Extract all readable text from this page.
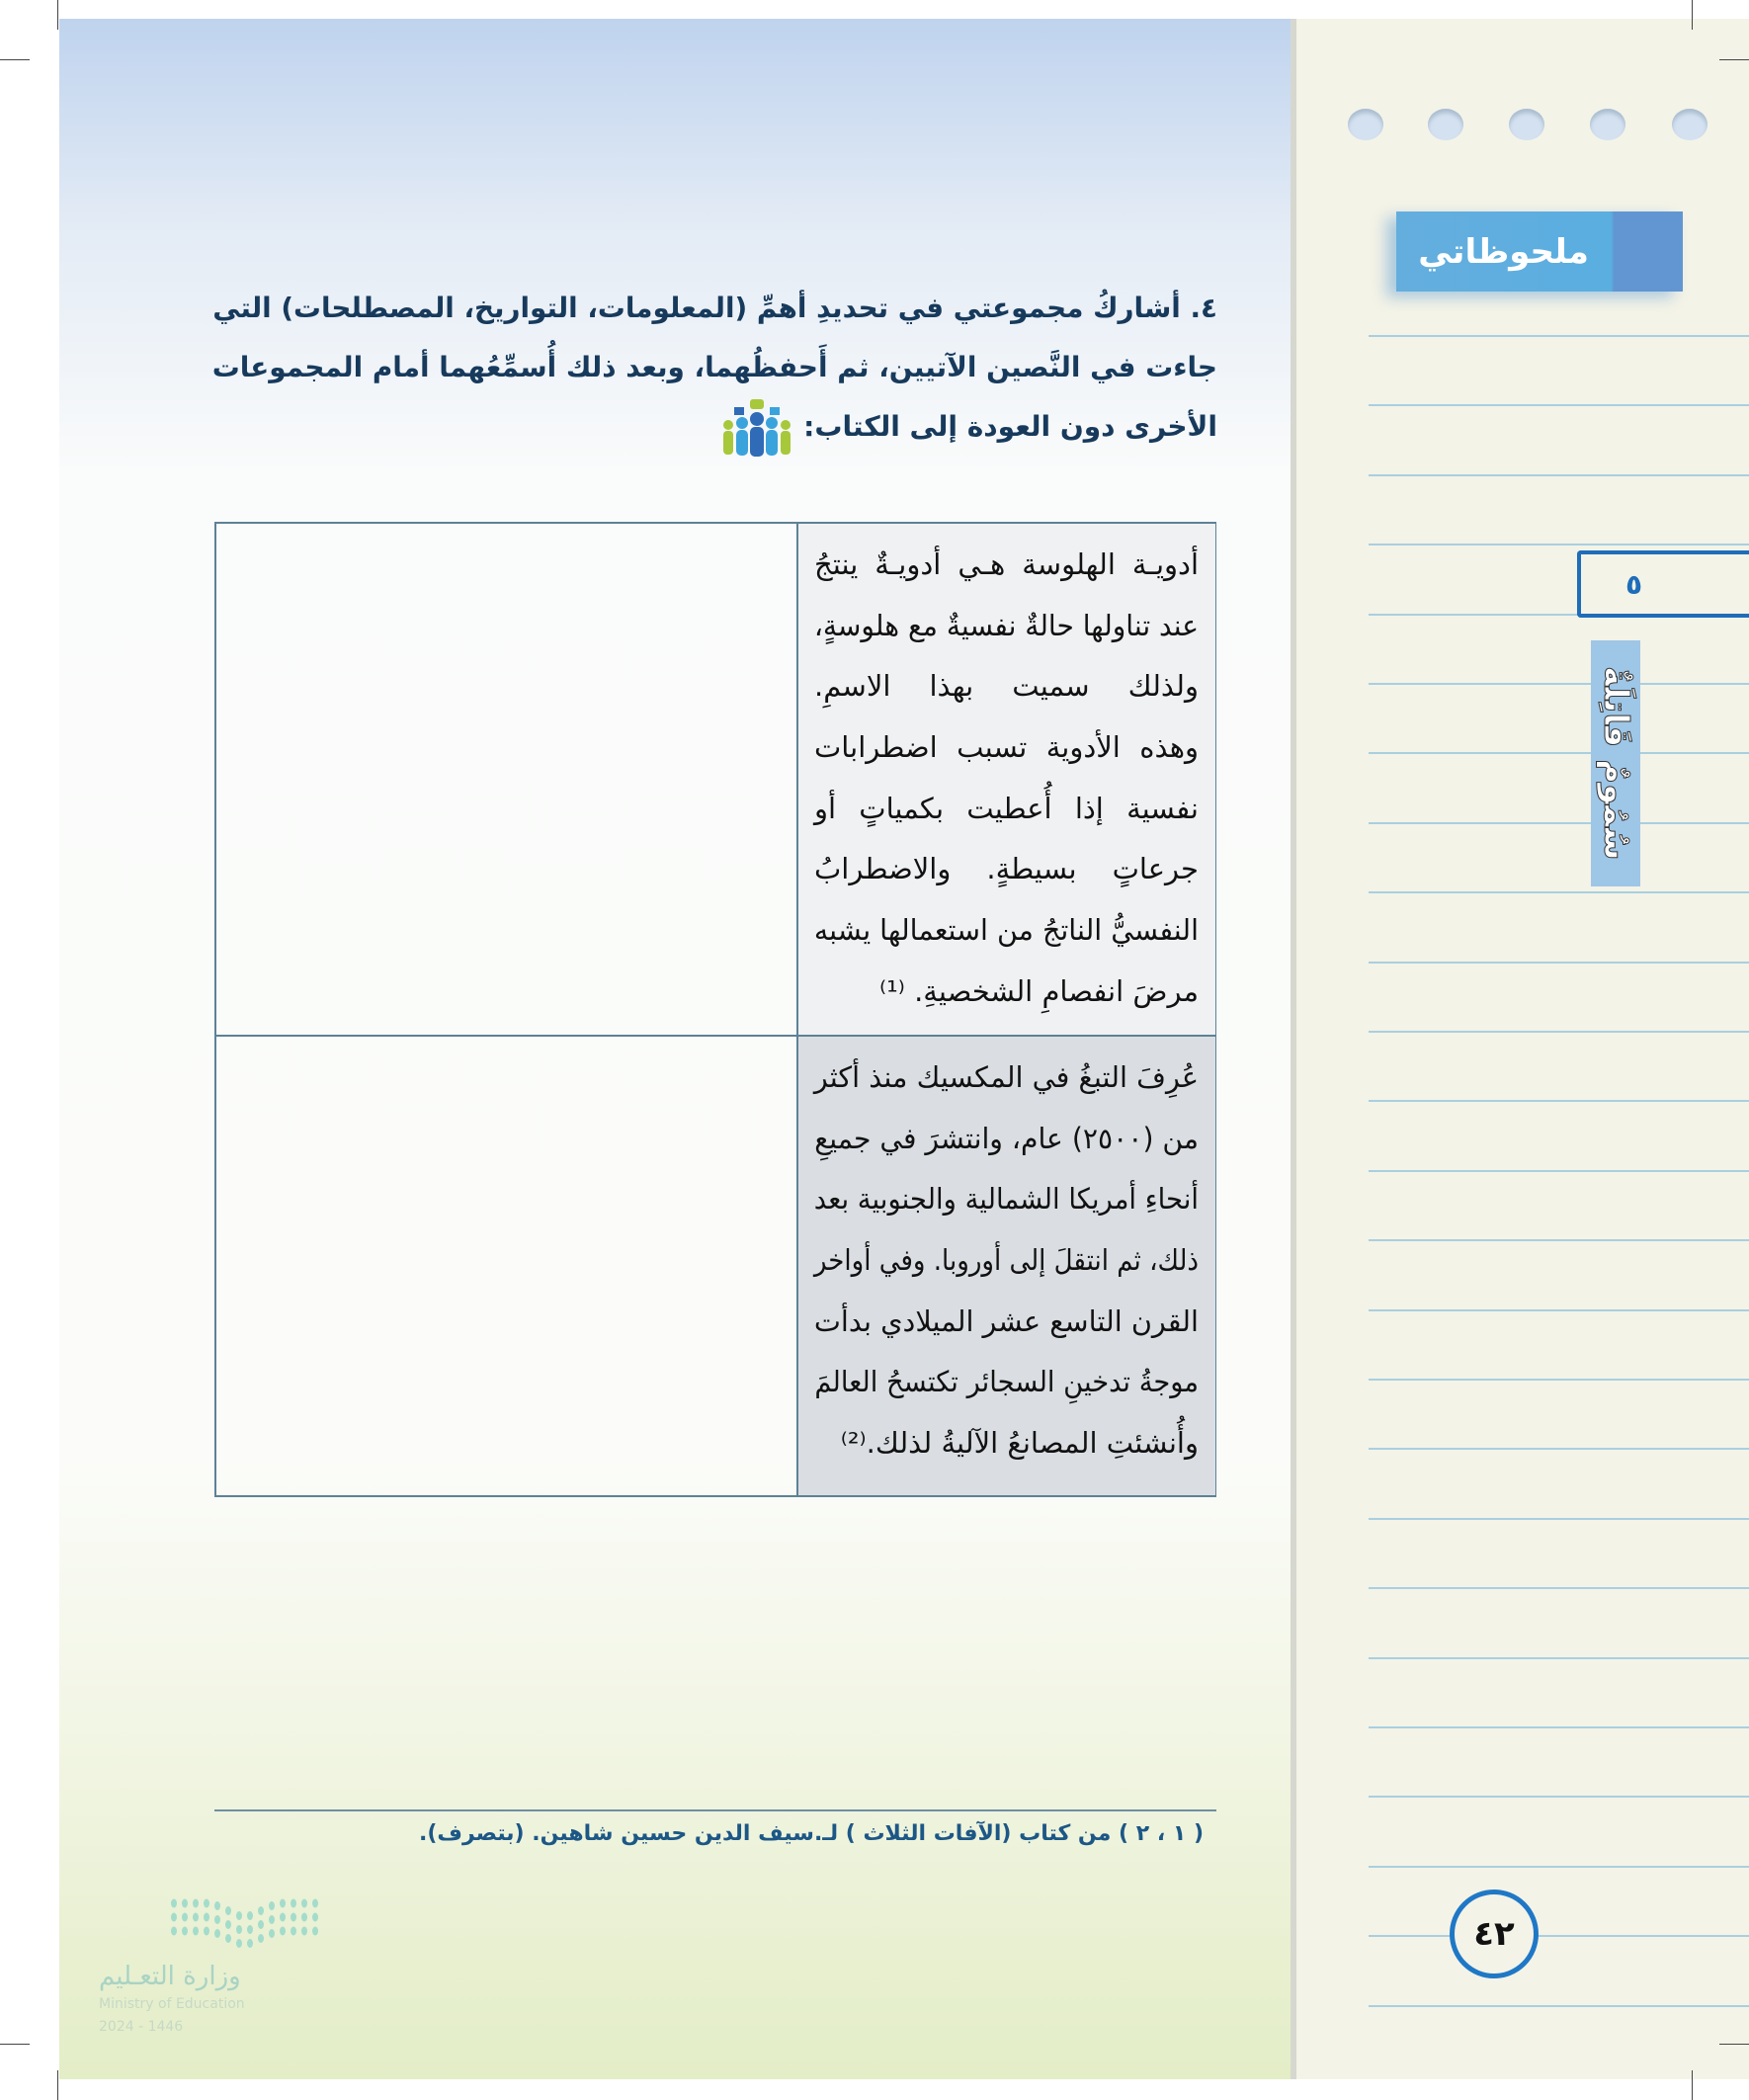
ملحوظاتي
٥
سُمُومٌ قَاتِلَةٌ
٤٢
٤. أشاركُ مجموعتي في تحديدِ أهمِّ (المعلومات، التواريخ، المصطلحات) التي
جاءت في النَّصين الآتيين، ثم أَحفظُهما، وبعد ذلك أُسمِّعُهما أمام المجموعات
الأخرى دون العودة إلى الكتاب:
أدويـة الهلوسة هـي أدويـةٌ ينتجُ
عند تناولها حالةٌ نفسيةٌ مع هلوسةٍ،
ولذلك سميت بهذا الاسمِ.
وهذه الأدوية تسبب اضطرابات
نفسية إذا أُعطيت بكمياتٍ أو
جرعاتٍ بسيطةٍ. والاضطرابُ
النفسيُّ الناتجُ من استعمالها يشبه
مرضَ انفصامِ الشخصيةِ. ⁽¹⁾
عُرِفَ التبغُ في المكسيك منذ أكثر
من (٢٥٠٠) عام، وانتشرَ في جميعِ
أنحاءِ أمريكا الشمالية والجنوبية بعد
ذلك، ثم انتقلَ إلى أوروبا. وفي أواخر
القرن التاسع عشر الميلادي بدأت
موجةُ تدخينِ السجائر تكتسحُ العالمَ
وأُنشئتِ المصانعُ الآليةُ لذلك.⁽²⁾
( ١ ، ٢ ) من كتاب (الآفات الثلاث ) لـ.سيف الدين حسين شاهين. (بتصرف).
وزارة التعـليم
Ministry of Education
2024 - 1446
